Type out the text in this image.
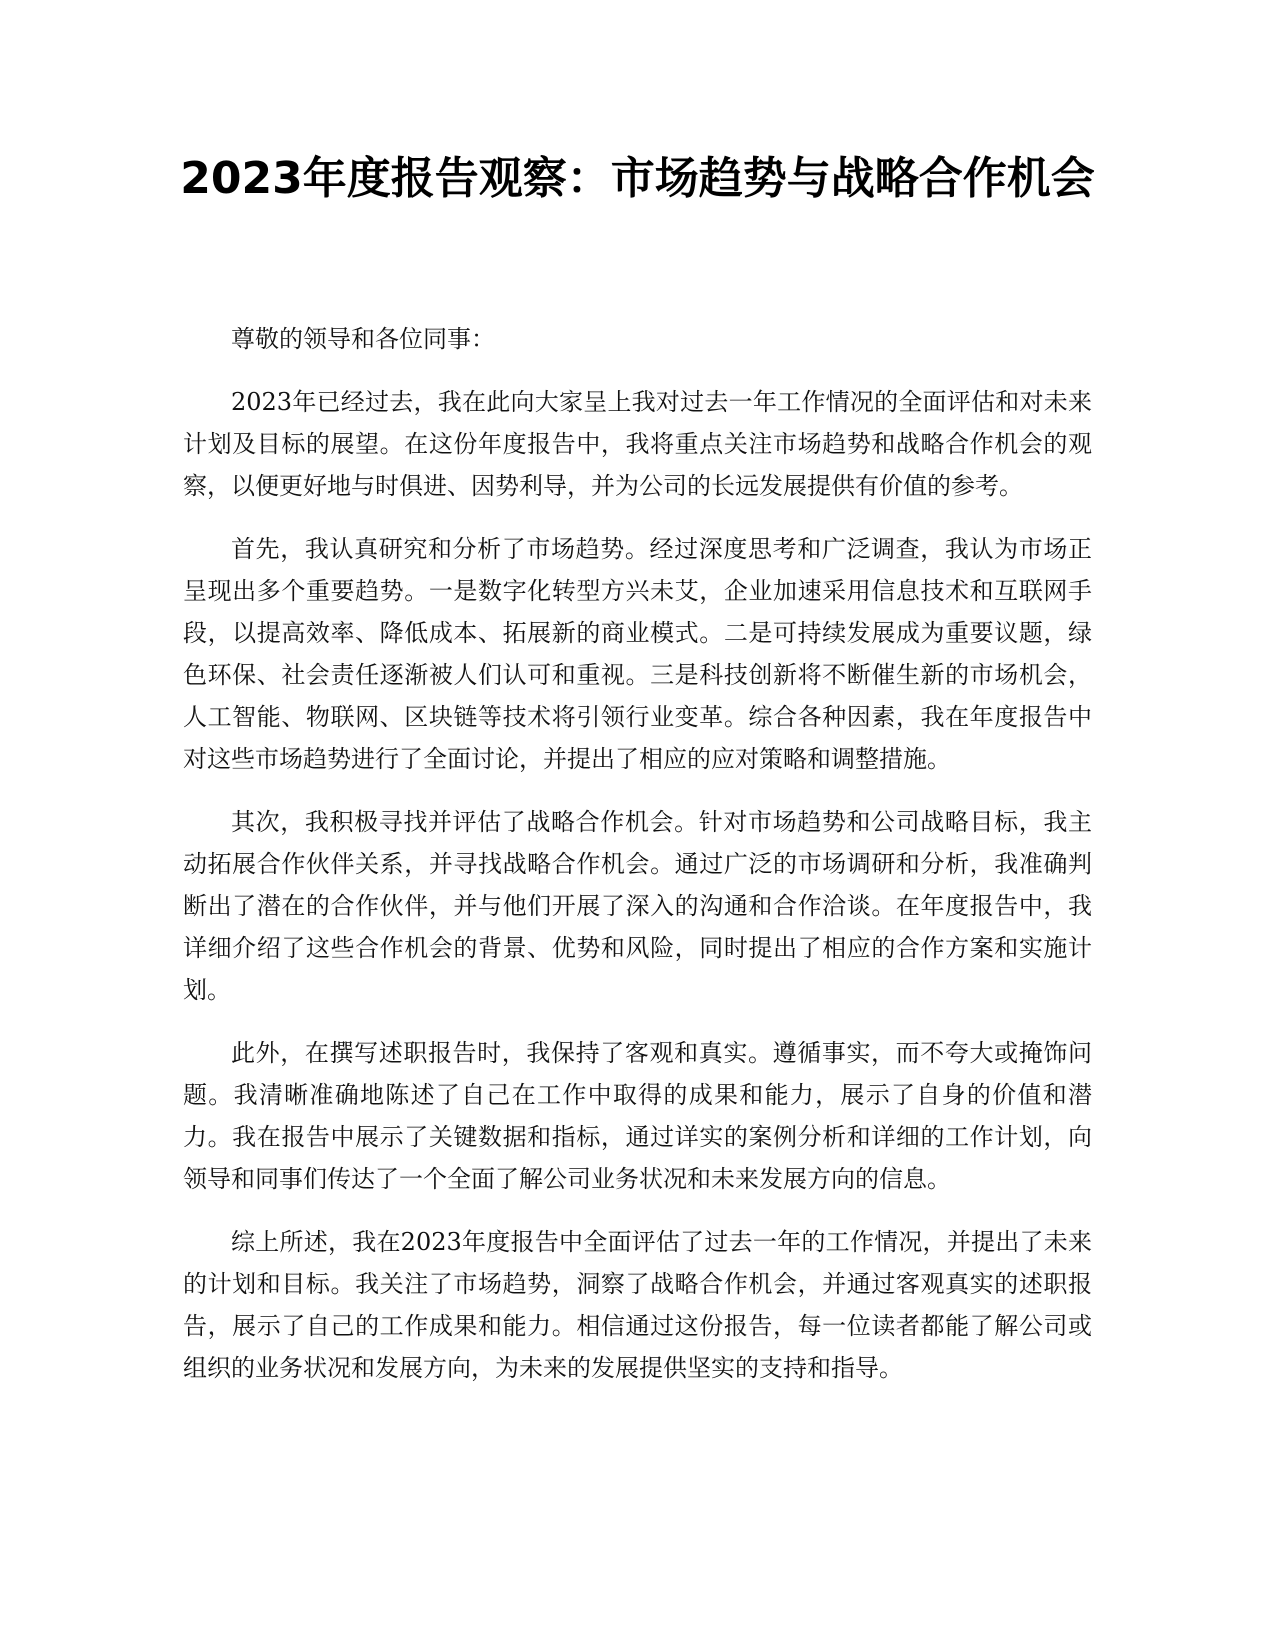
2023年度报告观察：市场趋势与战略合作机会

尊敬的领导和各位同事：

2023年已经过去，我在此向大家呈上我对过去一年工作情况的全面评估和对未来计划及目标的展望。在这份年度报告中，我将重点关注市场趋势和战略合作机会的观察，以便更好地与时俱进、因势利导，并为公司的长远发展提供有价值的参考。

首先，我认真研究和分析了市场趋势。经过深度思考和广泛调查，我认为市场正呈现出多个重要趋势。一是数字化转型方兴未艾，企业加速采用信息技术和互联网手段，以提高效率、降低成本、拓展新的商业模式。二是可持续发展成为重要议题，绿色环保、社会责任逐渐被人们认可和重视。三是科技创新将不断催生新的市场机会，人工智能、物联网、区块链等技术将引领行业变革。综合各种因素，我在年度报告中对这些市场趋势进行了全面讨论，并提出了相应的应对策略和调整措施。

其次，我积极寻找并评估了战略合作机会。针对市场趋势和公司战略目标，我主动拓展合作伙伴关系，并寻找战略合作机会。通过广泛的市场调研和分析，我准确判断出了潜在的合作伙伴，并与他们开展了深入的沟通和合作洽谈。在年度报告中，我详细介绍了这些合作机会的背景、优势和风险，同时提出了相应的合作方案和实施计划。

此外，在撰写述职报告时，我保持了客观和真实。遵循事实，而不夸大或掩饰问题。我清晰准确地陈述了自己在工作中取得的成果和能力，展示了自身的价值和潜力。我在报告中展示了关键数据和指标，通过详实的案例分析和详细的工作计划，向领导和同事们传达了一个全面了解公司业务状况和未来发展方向的信息。

综上所述，我在2023年度报告中全面评估了过去一年的工作情况，并提出了未来的计划和目标。我关注了市场趋势，洞察了战略合作机会，并通过客观真实的述职报告，展示了自己的工作成果和能力。相信通过这份报告，每一位读者都能了解公司或组织的业务状况和发展方向，为未来的发展提供坚实的支持和指导。
